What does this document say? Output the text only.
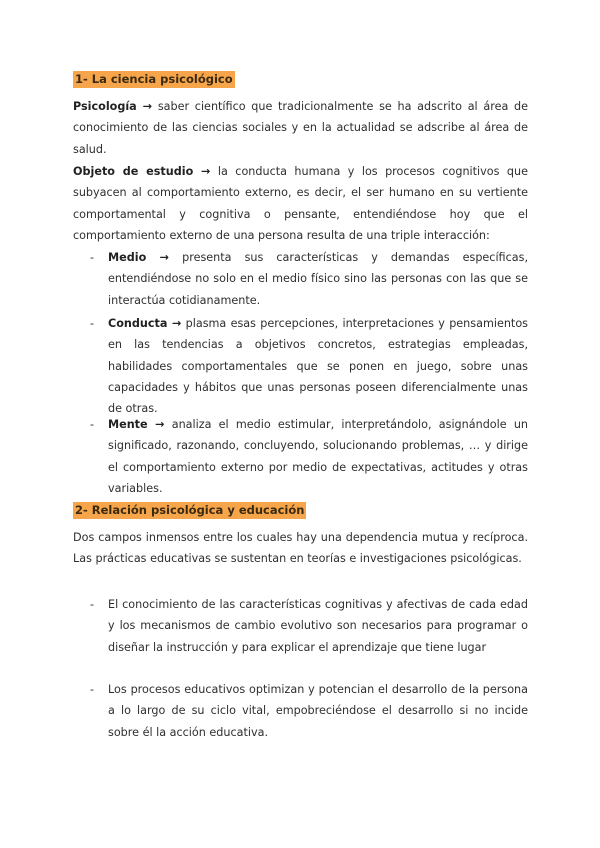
1- La ciencia psicológico

Psicología → saber científico que tradicionalmente se ha adscrito al área de conocimiento de las ciencias sociales y en la actualidad se adscribe al área de salud.

Objeto de estudio → la conducta humana y los procesos cognitivos que subyacen al comportamiento externo, es decir, el ser humano en su vertiente comportamental y cognitiva o pensante, entendiéndose hoy que el comportamiento externo de una persona resulta de una triple interacción:

- Medio → presenta sus características y demandas específicas, entendiéndose no solo en el medio físico sino las personas con las que se interactúa cotidianamente.
- Conducta → plasma esas percepciones, interpretaciones y pensamientos en las tendencias a objetivos concretos, estrategias empleadas, habilidades comportamentales que se ponen en juego, sobre unas capacidades y hábitos que unas personas poseen diferencialmente unas de otras.
- Mente → analiza el medio estimular, interpretándolo, asignándole un significado, razonando, concluyendo, solucionando problemas, … y dirige el comportamiento externo por medio de expectativas, actitudes y otras variables.
2- Relación psicológica y educación

Dos campos inmensos entre los cuales hay una dependencia mutua y recíproca. Las prácticas educativas se sustentan en teorías e investigaciones psicológicas.

- El conocimiento de las características cognitivas y afectivas de cada edad y los mecanismos de cambio evolutivo son necesarios para programar o diseñar la instrucción y para explicar el aprendizaje que tiene lugar
- Los procesos educativos optimizan y potencian el desarrollo de la persona a lo largo de su ciclo vital, empobreciéndose el desarrollo si no incide sobre él la acción educativa.
